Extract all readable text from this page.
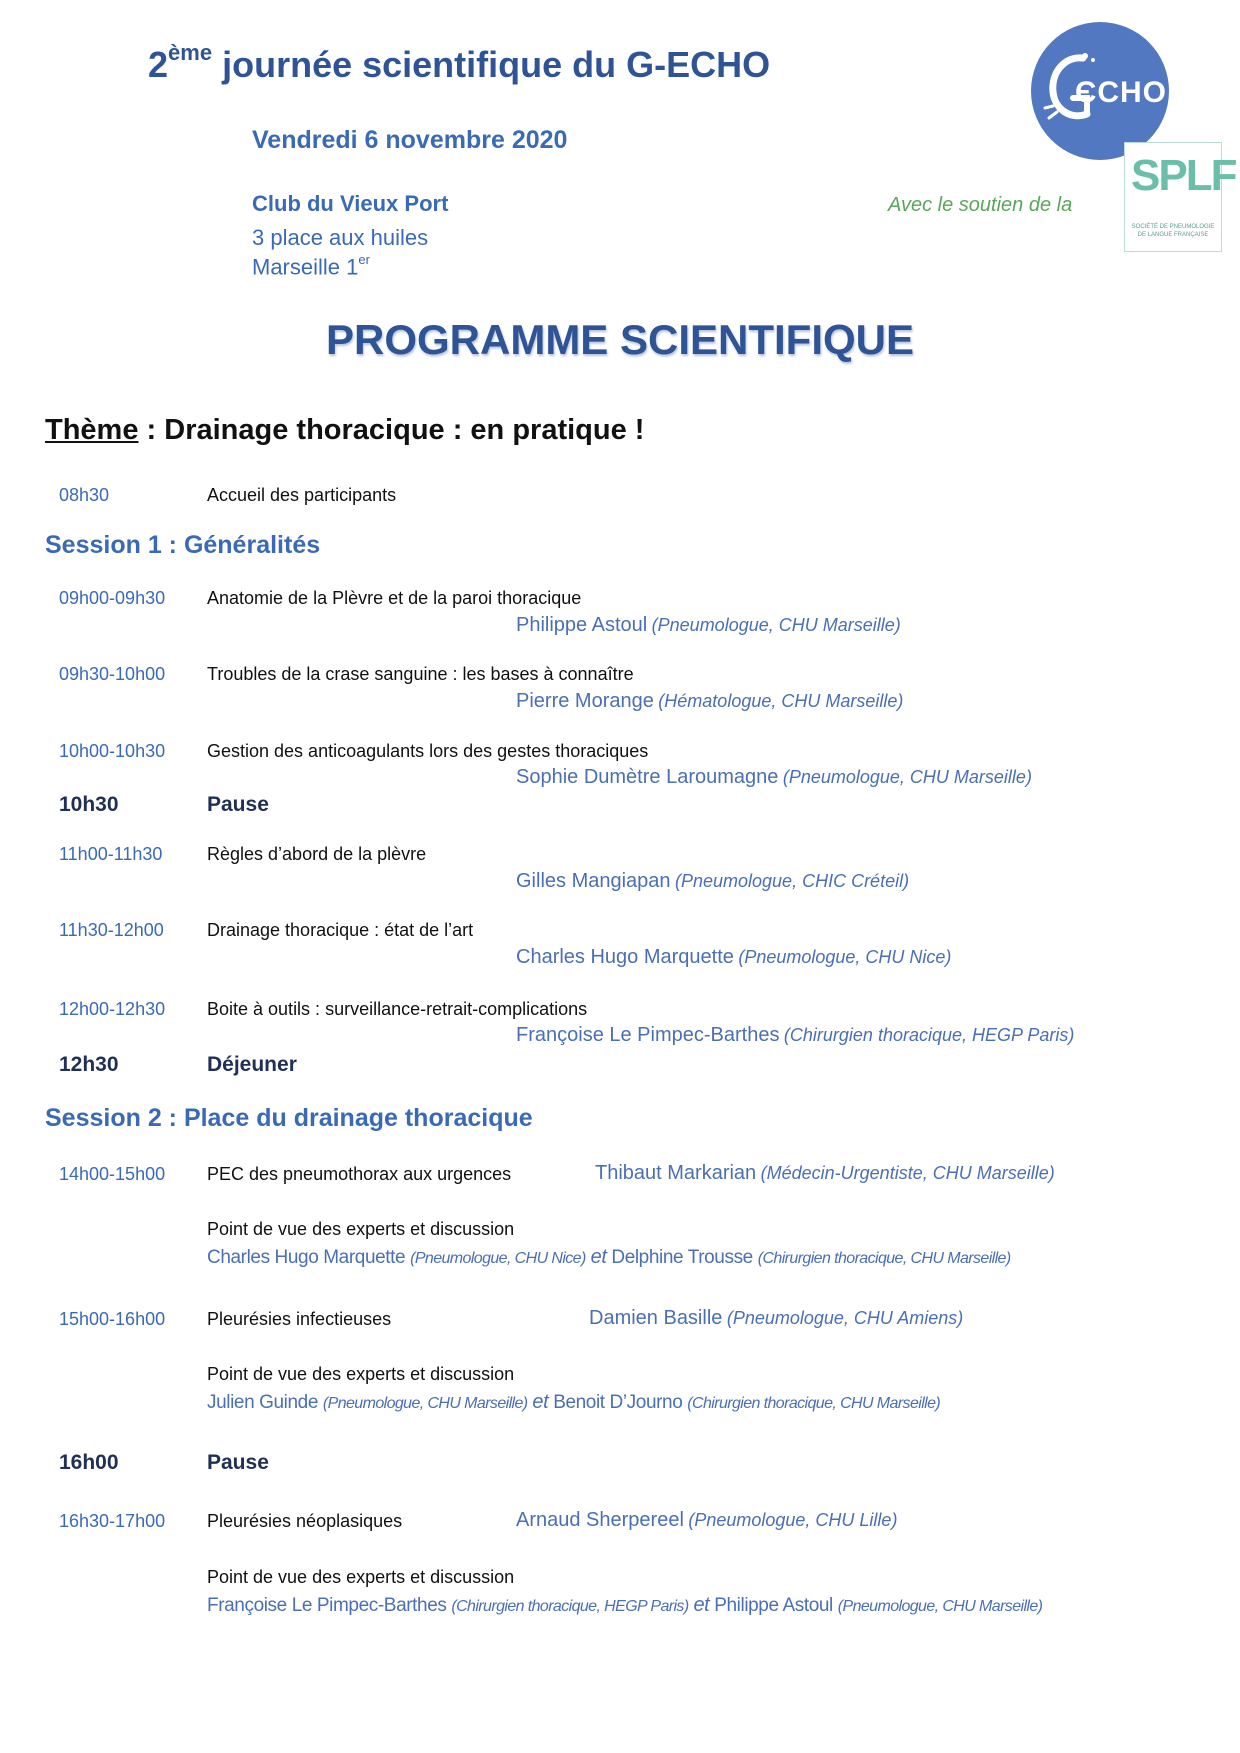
2ème journée scientifique du G-ECHO
Vendredi 6 novembre 2020
Club du Vieux Port
3 place aux huiles
Marseille 1er
Avec le soutien de la
ЄCHO
SPLF
SOCIÉTÉ DE PNEUMOLOGIE DE LANGUE FRANÇAISE
PROGRAMME SCIENTIFIQUE
Thème : Drainage thoracique : en pratique !
08h30	Accueil des participants
Session 1 : Généralités
09h00-09h30 Anatomie de la Plèvre et de la paroi thoracique
Philippe Astoul (Pneumologue, CHU Marseille)
09h30-10h00 Troubles de la crase sanguine : les bases à connaître
Pierre Morange (Hématologue, CHU Marseille)
10h00-10h30 Gestion des anticoagulants lors des gestes thoraciques
Sophie Dumètre Laroumagne (Pneumologue, CHU Marseille)
10h30	Pause
11h00-11h30 Règles d’abord de la plèvre
Gilles Mangiapan (Pneumologue, CHIC Créteil)
11h30-12h00 Drainage thoracique : état de l’art
Charles Hugo Marquette (Pneumologue, CHU Nice)
12h00-12h30 Boite à outils : surveillance-retrait-complications
Françoise Le Pimpec-Barthes (Chirurgien thoracique, HEGP Paris)
12h30	Déjeuner
Session 2 : Place du drainage thoracique
14h00-15h00 PEC des pneumothorax aux urgences	Thibaut Markarian (Médecin-Urgentiste, CHU Marseille)
Point de vue des experts et discussion
Charles Hugo Marquette (Pneumologue, CHU Nice) et Delphine Trousse (Chirurgien thoracique, CHU Marseille)
15h00-16h00 Pleurésies infectieuses	Damien Basille (Pneumologue, CHU Amiens)
Point de vue des experts et discussion
Julien Guinde (Pneumologue, CHU Marseille) et Benoit D’Journo (Chirurgien thoracique, CHU Marseille)
16h00	Pause
16h30-17h00 Pleurésies néoplasiques	Arnaud Sherpereel (Pneumologue, CHU Lille)
Point de vue des experts et discussion
Françoise Le Pimpec-Barthes (Chirurgien thoracique, HEGP Paris) et Philippe Astoul (Pneumologue, CHU Marseille)
